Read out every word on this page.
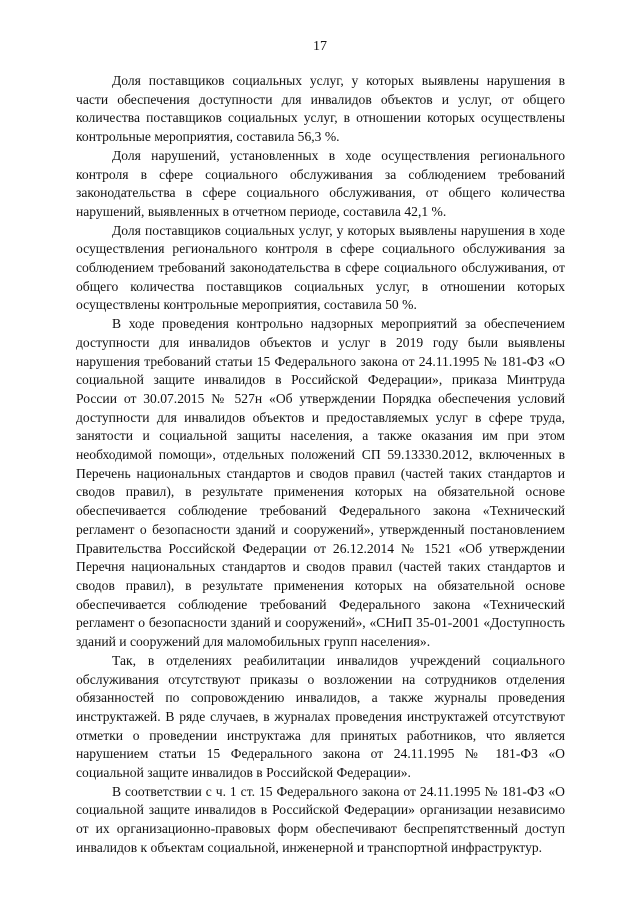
17

Доля поставщиков социальных услуг, у которых выявлены нарушения в части обеспечения доступности для инвалидов объектов и услуг, от общего количества поставщиков социальных услуг, в отношении которых осуществлены контрольные мероприятия, составила 56,3 %.

Доля нарушений, установленных в ходе осуществления регионального контроля в сфере социального обслуживания за соблюдением требований законодательства в сфере социального обслуживания, от общего количества нарушений, выявленных в отчетном периоде, составила 42,1 %.

Доля поставщиков социальных услуг, у которых выявлены нарушения в ходе осуществления регионального контроля в сфере социального обслуживания за соблюдением требований законодательства в сфере социального обслуживания, от общего количества поставщиков социальных услуг, в отношении которых осуществлены контрольные мероприятия, составила 50 %.

В ходе проведения контрольно надзорных мероприятий за обеспечением доступности для инвалидов объектов и услуг в 2019 году были выявлены нарушения требований статьи 15 Федерального закона от 24.11.1995 № 181-ФЗ «О социальной защите инвалидов в Российской Федерации», приказа Минтруда России от 30.07.2015 № 527н «Об утверждении Порядка обеспечения условий доступности для инвалидов объектов и предоставляемых услуг в сфере труда, занятости и социальной защиты населения, а также оказания им при этом необходимой помощи», отдельных положений СП 59.13330.2012, включенных в Перечень национальных стандартов и сводов правил (частей таких стандартов и сводов правил), в результате применения которых на обязательной основе обеспечивается соблюдение требований Федерального закона «Технический регламент о безопасности зданий и сооружений», утвержденный постановлением Правительства Российской Федерации от 26.12.2014 № 1521 «Об утверждении Перечня национальных стандартов и сводов правил (частей таких стандартов и сводов правил), в результате применения которых на обязательной основе обеспечивается соблюдение требований Федерального закона «Технический регламент о безопасности зданий и сооружений», «СНиП 35-01-2001 «Доступность зданий и сооружений для маломобильных групп населения».

Так, в отделениях реабилитации инвалидов учреждений социального обслуживания отсутствуют приказы о возложении на сотрудников отделения обязанностей по сопровождению инвалидов, а также журналы проведения инструктажей. В ряде случаев, в журналах проведения инструктажей отсутствуют отметки о проведении инструктажа для принятых работников, что является нарушением статьи 15 Федерального закона от 24.11.1995 № 181-ФЗ «О социальной защите инвалидов в Российской Федерации».

В соответствии с ч. 1 ст. 15 Федерального закона от 24.11.1995 № 181-ФЗ «О социальной защите инвалидов в Российской Федерации» организации независимо от их организационно-правовых форм обеспечивают беспрепятственный доступ инвалидов к объектам социальной, инженерной и транспортной инфраструктур.
